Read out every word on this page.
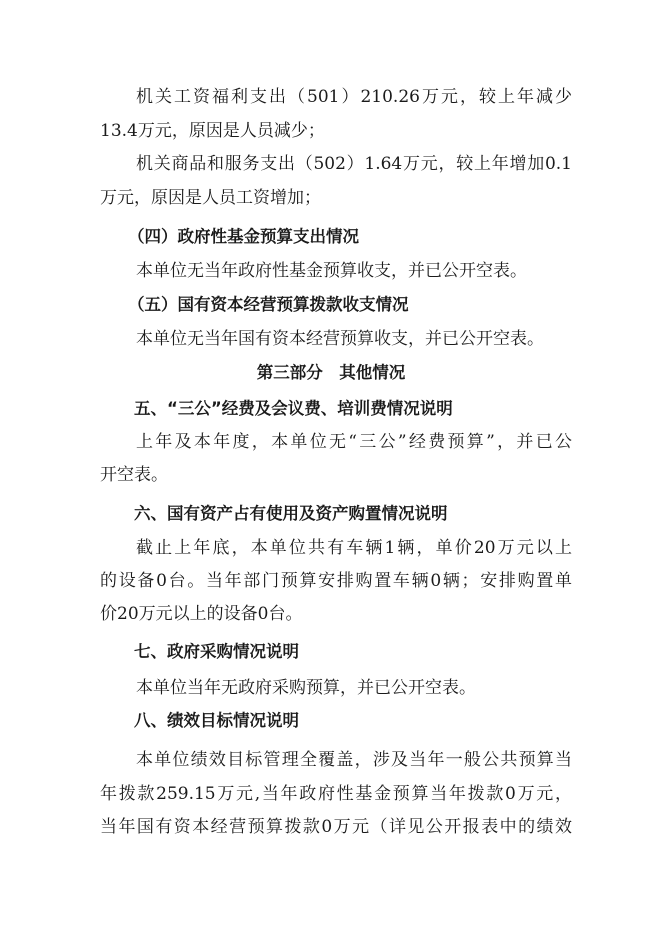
机关工资福利支出（501）210.26万元，较上年减少
13.4万元，原因是人员减少；
机关商品和服务支出（502）1.64万元，较上年增加0.1
万元，原因是人员工资增加；
（四）政府性基金预算支出情况
本单位无当年政府性基金预算收支，并已公开空表。
（五）国有资本经营预算拨款收支情况
本单位无当年国有资本经营预算收支，并已公开空表。
第三部分　其他情况
五、“三公”经费及会议费、培训费情况说明
上年及本年度，本单位无“三公”经费预算”，并已公
开空表。
六、国有资产占有使用及资产购置情况说明
截止上年底，本单位共有车辆1辆，单价20万元以上
的设备0台。当年部门预算安排购置车辆0辆；安排购置单
价20万元以上的设备0台。
七、政府采购情况说明
本单位当年无政府采购预算，并已公开空表。
八、绩效目标情况说明
本单位绩效目标管理全覆盖，涉及当年一般公共预算当
年拨款259.15万元,当年政府性基金预算当年拨款0万元，
当年国有资本经营预算拨款0万元（详见公开报表中的绩效
